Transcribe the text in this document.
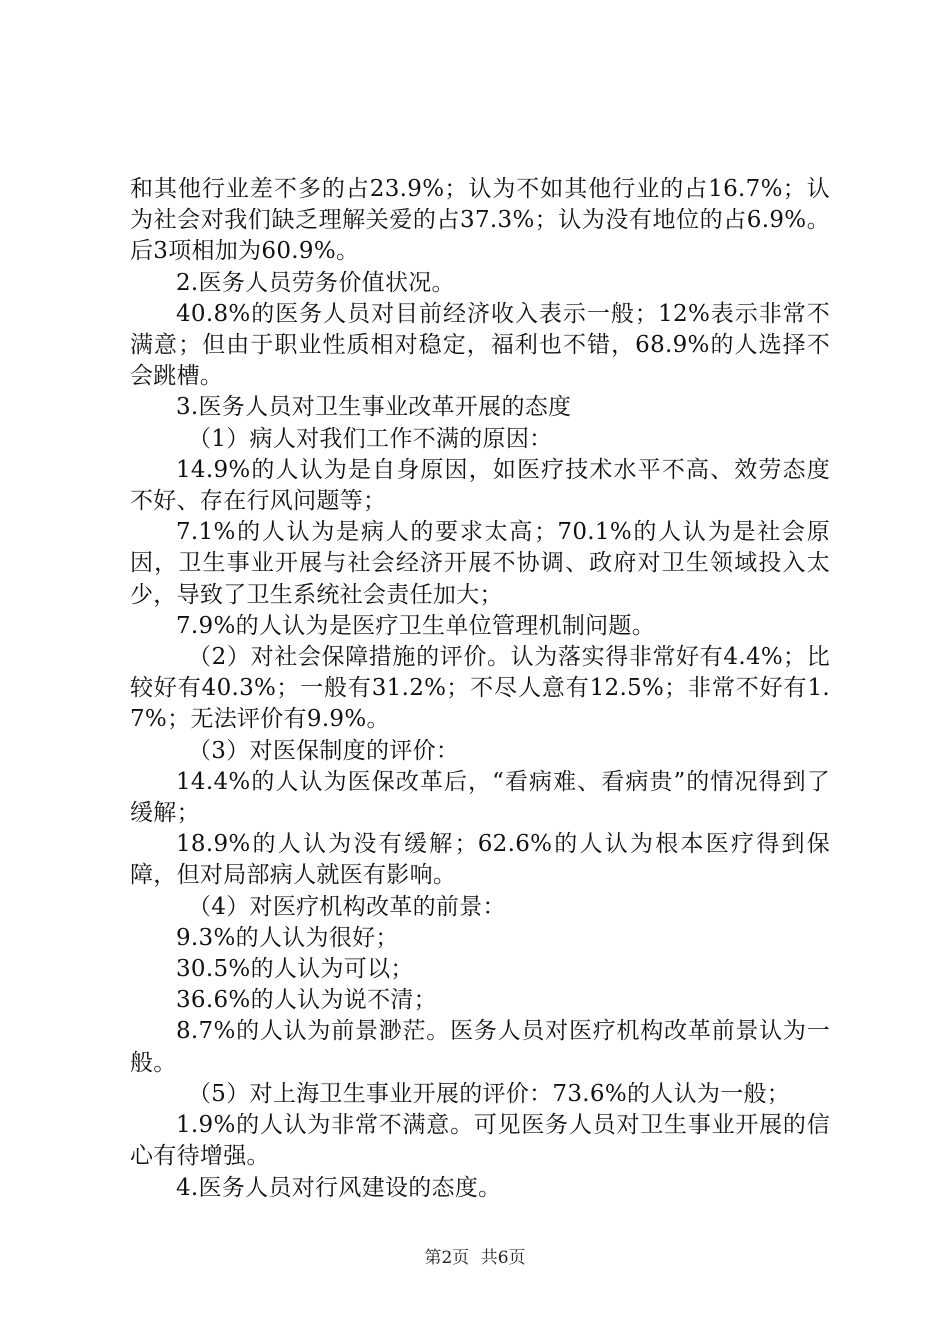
和其他行业差不多的占23.9%；认为不如其他行业的占16.7%；认为社会对我们缺乏理解关爱的占37.3%；认为没有地位的占6.9%。后3项相加为60.9%。

2.医务人员劳务价值状况。

40.8%的医务人员对目前经济收入表示一般；12%表示非常不满意；但由于职业性质相对稳定，福利也不错，68.9%的人选择不会跳槽。

3.医务人员对卫生事业改革开展的态度

（1）病人对我们工作不满的原因：

14.9%的人认为是自身原因，如医疗技术水平不高、效劳态度不好、存在行风问题等；

7.1%的人认为是病人的要求太高；70.1%的人认为是社会原因，卫生事业开展与社会经济开展不协调、政府对卫生领域投入太少，导致了卫生系统社会责任加大；

7.9%的人认为是医疗卫生单位管理机制问题。

（2）对社会保障措施的评价。认为落实得非常好有4.4%；比较好有40.3%；一般有31.2%；不尽人意有12.5%；非常不好有1.7%；无法评价有9.9%。

（3）对医保制度的评价：

14.4%的人认为医保改革后，“看病难、看病贵”的情况得到了缓解；

18.9%的人认为没有缓解；62.6%的人认为根本医疗得到保障，但对局部病人就医有影响。

（4）对医疗机构改革的前景：

9.3%的人认为很好；

30.5%的人认为可以；

36.6%的人认为说不清；

8.7%的人认为前景渺茫。医务人员对医疗机构改革前景认为一般。

（5）对上海卫生事业开展的评价：73.6%的人认为一般；

1.9%的人认为非常不满意。可见医务人员对卫生事业开展的信心有待增强。

4.医务人员对行风建设的态度。

第2页 共6页
